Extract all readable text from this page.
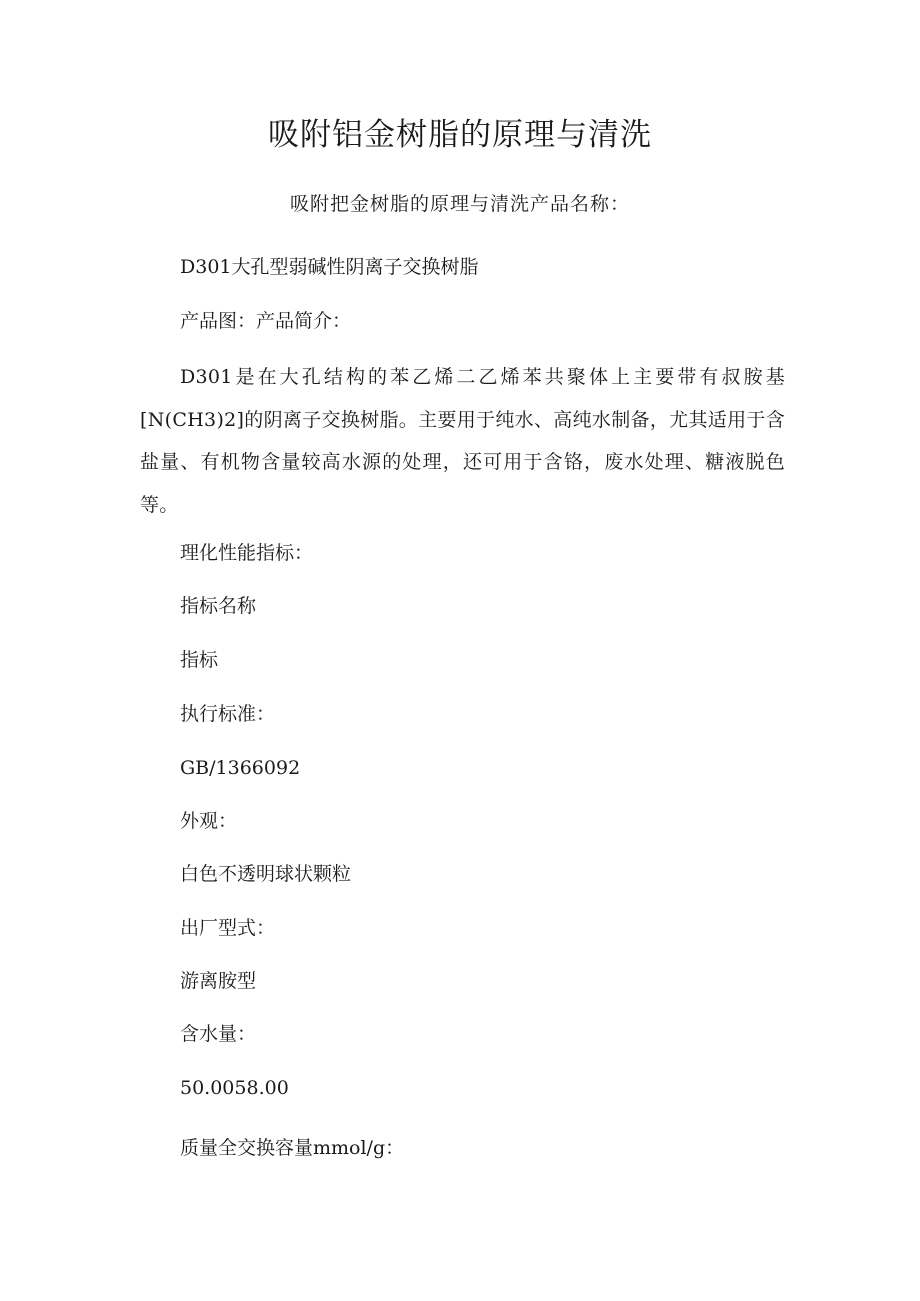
吸附铝金树脂的原理与清洗
吸附把金树脂的原理与清洗产品名称：
D301大孔型弱碱性阴离子交换树脂
产品图：产品简介：
D301是在大孔结构的苯乙烯二乙烯苯共聚体上主要带有叔胺基[N(CH3)2]的阴离子交换树脂。主要用于纯水、高纯水制备，尤其适用于含盐量、有机物含量较高水源的处理，还可用于含铬，废水处理、糖液脱色等。
理化性能指标：
指标名称
指标
执行标准：
GB/1366092
外观：
白色不透明球状颗粒
出厂型式：
游离胺型
含水量：
50.0058.00
质量全交换容量mmol/g：
